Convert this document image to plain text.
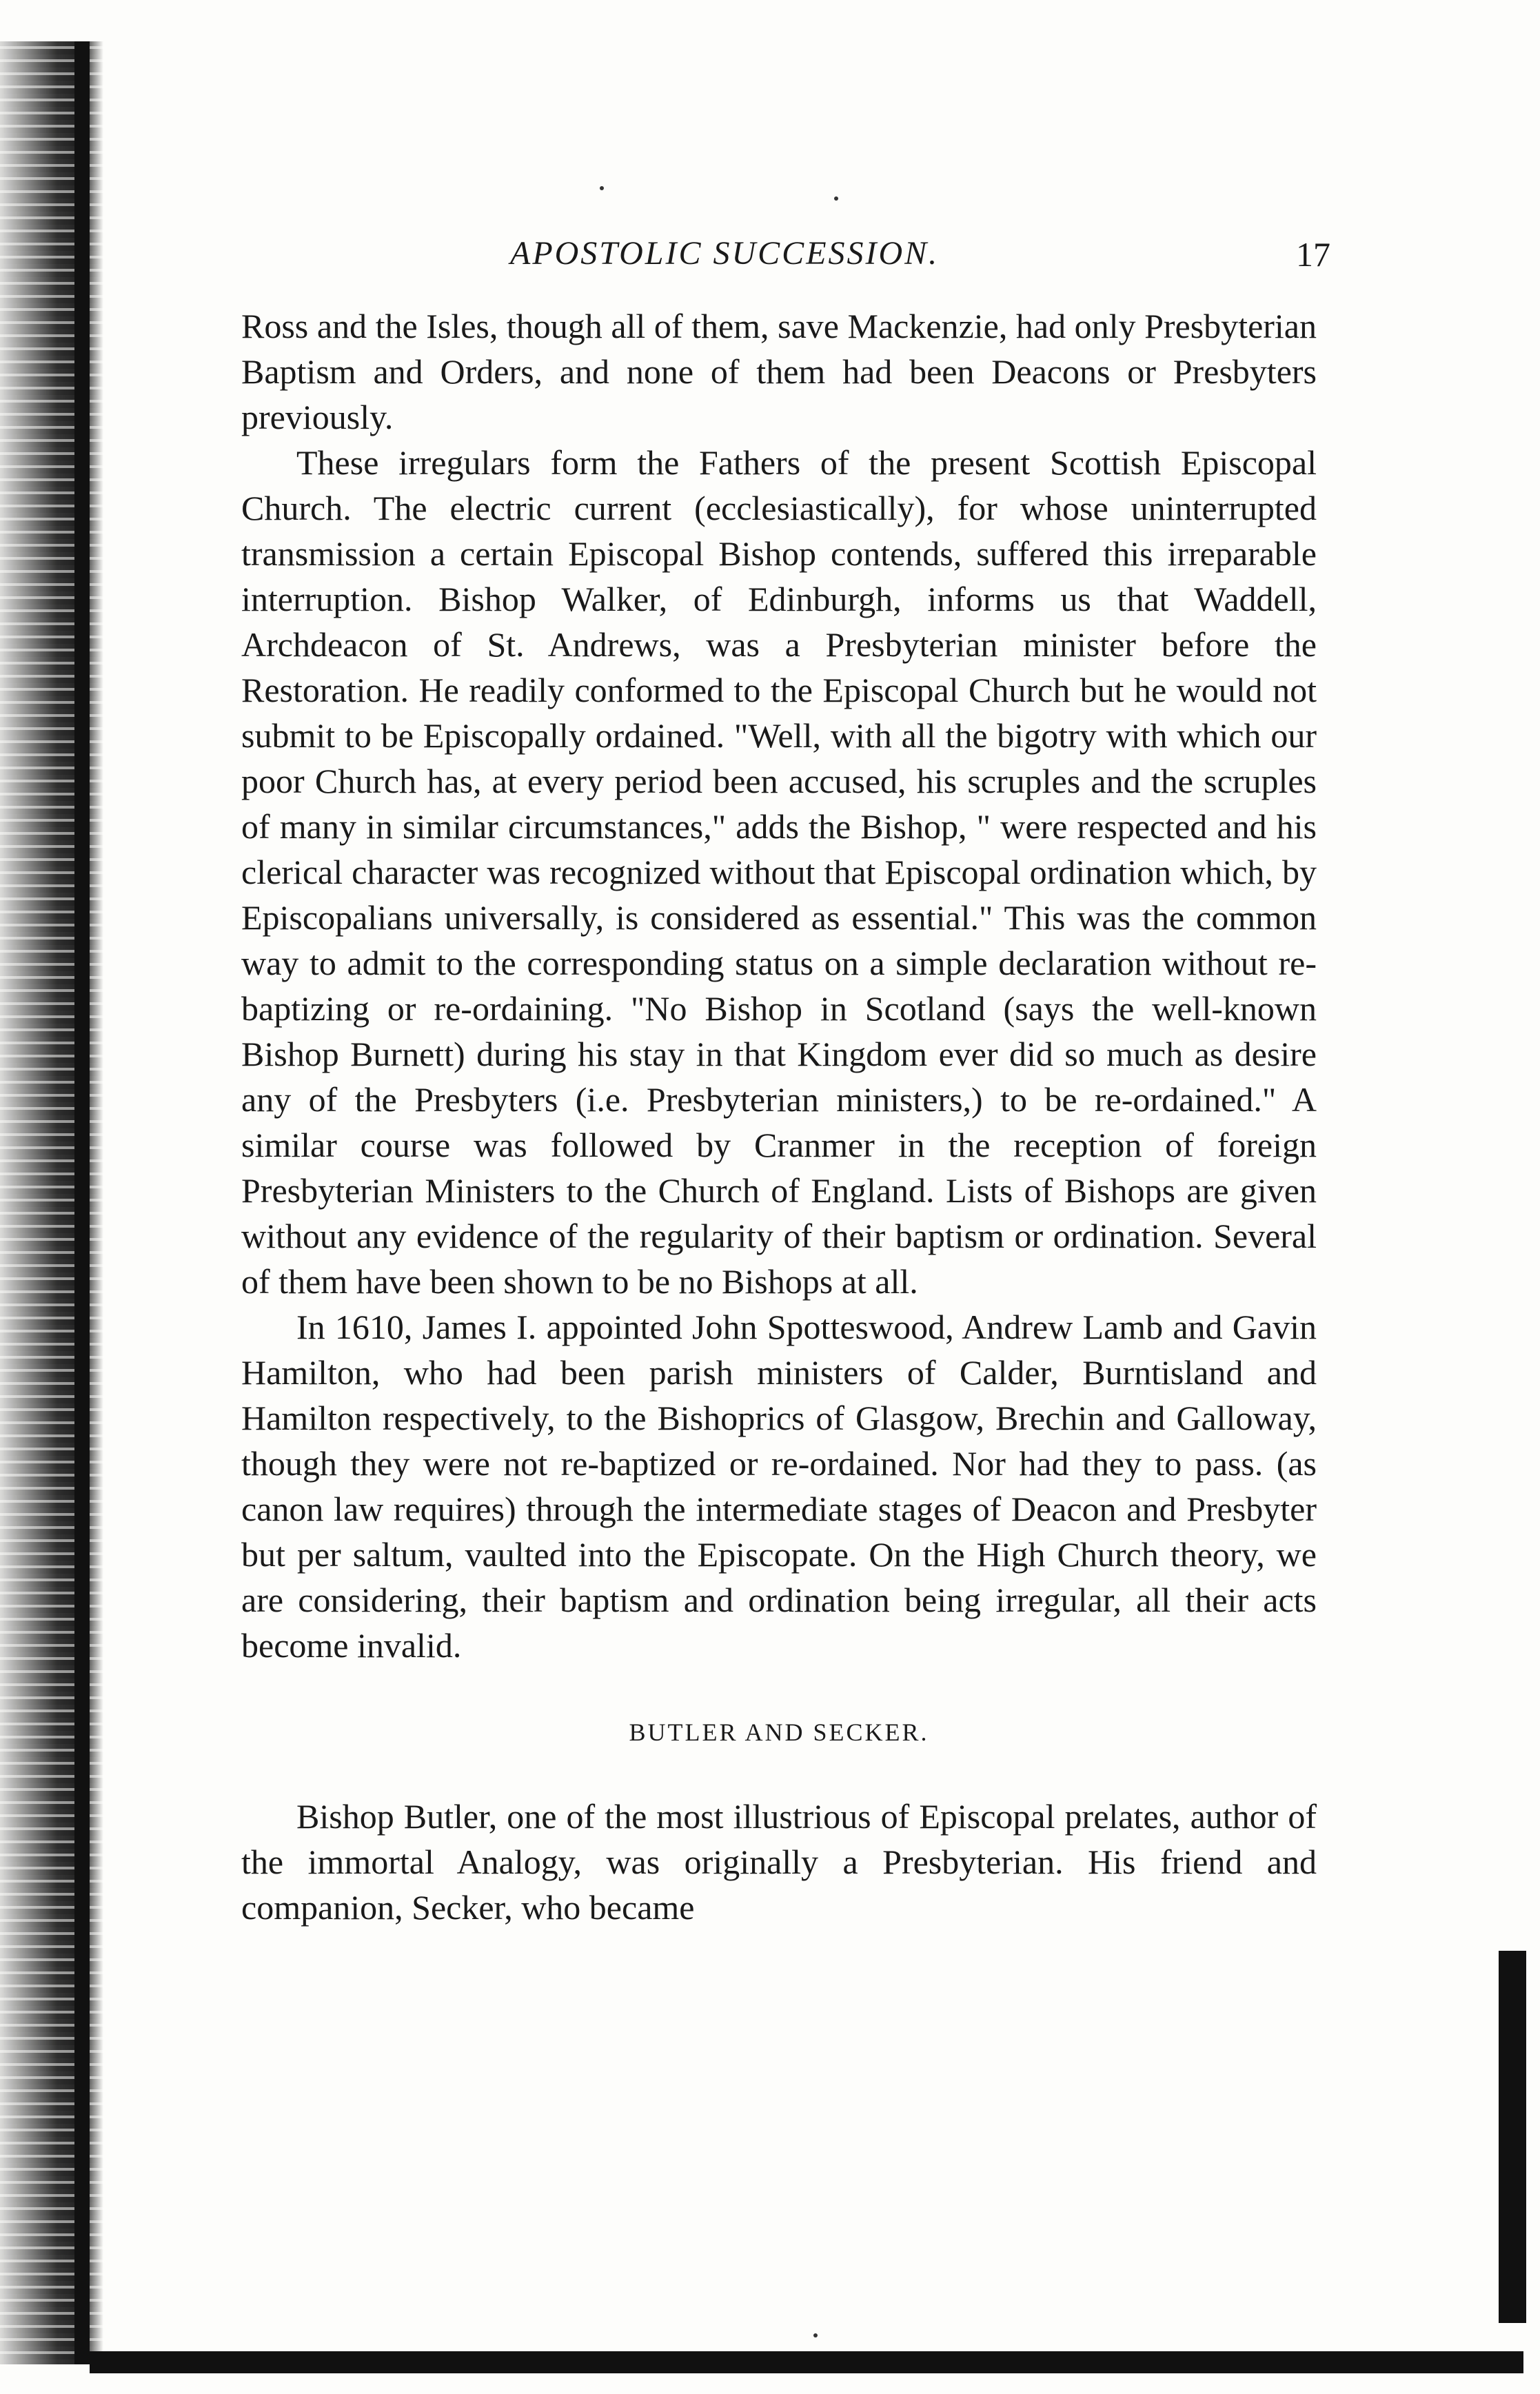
APOSTOLIC SUCCESSION.	17

Ross and the Isles, though all of them, save Mackenzie, had only Presbyterian Baptism and Orders, and none of them had been Deacons or Presbyters previously.

These irregulars form the Fathers of the present Scottish Episcopal Church. The electric current (ecclesiastically), for whose uninterrupted transmission a certain Episcopal Bishop contends, suffered this irreparable interruption. Bishop Walker, of Edinburgh, informs us that Waddell, Archdeacon of St. Andrews, was a Presbyterian minister before the Restoration. He readily conformed to the Episcopal Church but he would not submit to be Episcopally ordained. "Well, with all the bigotry with which our poor Church has, at every period been accused, his scruples and the scruples of many in similar circumstances," adds the Bishop, " were respected and his clerical character was recognized without that Episcopal ordination which, by Episcopalians universally, is considered as essential." This was the common way to admit to the corresponding status on a simple declaration without re-baptizing or re-ordaining. "No Bishop in Scotland (says the well-known Bishop Burnett) during his stay in that Kingdom ever did so much as desire any of the Presbyters (i.e. Presbyterian ministers,) to be re-ordained." A similar course was followed by Cranmer in the reception of foreign Presbyterian Ministers to the Church of England. Lists of Bishops are given without any evidence of the regularity of their baptism or ordination. Several of them have been shown to be no Bishops at all.

In 1610, James I. appointed John Spotteswood, Andrew Lamb and Gavin Hamilton, who had been parish ministers of Calder, Burntisland and Hamilton respectively, to the Bishoprics of Glasgow, Brechin and Galloway, though they were not re-baptized or re-ordained. Nor had they to pass. (as canon law requires) through the intermediate stages of Deacon and Presbyter but per saltum, vaulted into the Episcopate. On the High Church theory, we are considering, their baptism and ordination being irregular, all their acts become invalid.

BUTLER AND SECKER.

Bishop Butler, one of the most illustrious of Episcopal prelates, author of the immortal Analogy, was originally a Presbyterian. His friend and companion, Secker, who became
